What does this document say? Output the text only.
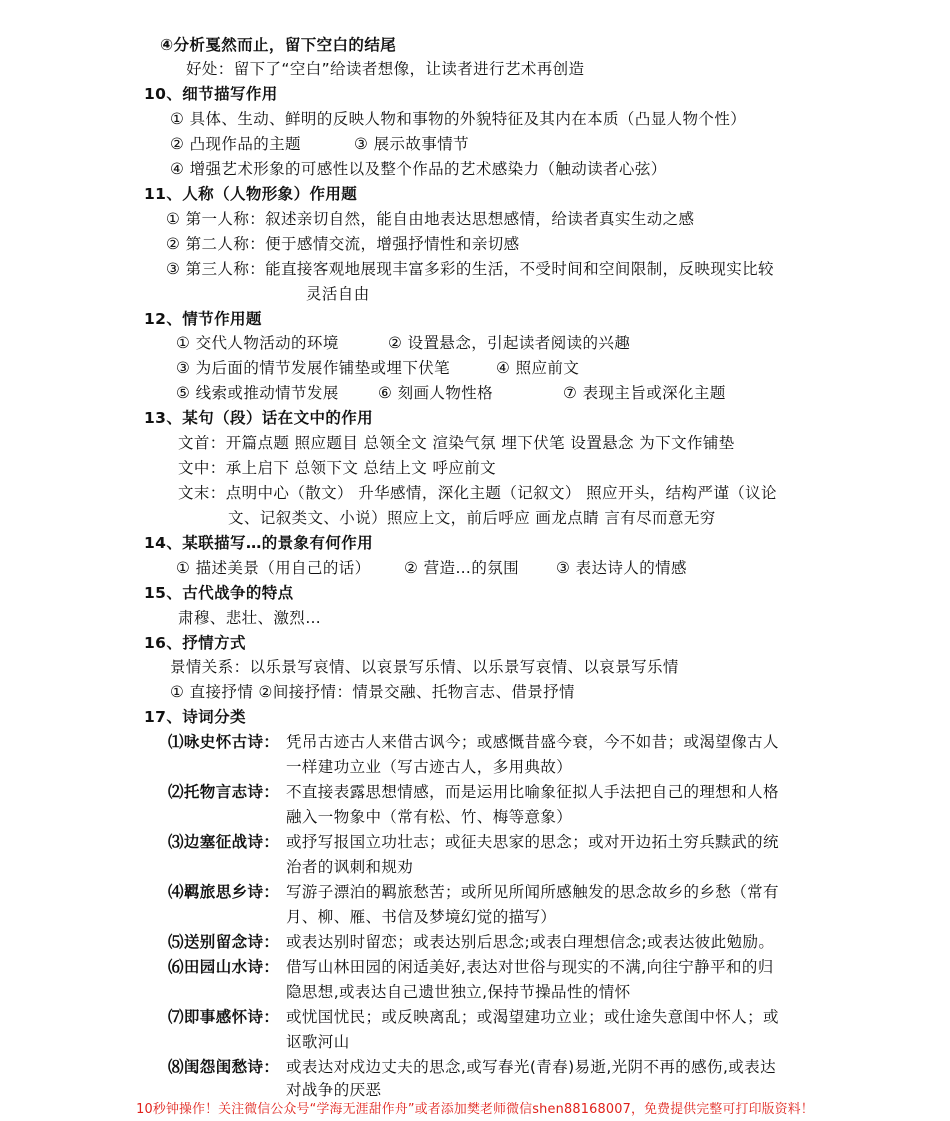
④分析戛然而止，留下空白的结尾
好处：留下了“空白”给读者想像，让读者进行艺术再创造
10、细节描写作用
① 具体、生动、鲜明的反映人物和事物的外貌特征及其内在本质（凸显人物个性）
② 凸现作品的主题	③ 展示故事情节
④ 增强艺术形象的可感性以及整个作品的艺术感染力（触动读者心弦）
11、人称（人物形象）作用题
① 第一人称：叙述亲切自然，能自由地表达思想感情，给读者真实生动之感
② 第二人称：便于感情交流，增强抒情性和亲切感
③ 第三人称：能直接客观地展现丰富多彩的生活，不受时间和空间限制，反映现实比较
灵活自由
12、情节作用题
① 交代人物活动的环境	② 设置悬念，引起读者阅读的兴趣
③ 为后面的情节发展作铺垫或埋下伏笔	④ 照应前文
⑤ 线索或推动情节发展	⑥ 刻画人物性格	⑦ 表现主旨或深化主题
13、某句（段）话在文中的作用
文首：开篇点题 照应题目 总领全文 渲染气氛 埋下伏笔 设置悬念 为下文作铺垫
文中：承上启下 总领下文 总结上文 呼应前文
文末：点明中心（散文） 升华感情，深化主题（记叙文） 照应开头，结构严谨（议论
文、记叙类文、小说）照应上文，前后呼应 画龙点睛 言有尽而意无穷
14、某联描写…的景象有何作用
① 描述美景（用自己的话） ② 营造…的氛围 ③ 表达诗人的情感
15、古代战争的特点
肃穆、悲壮、激烈…
16、抒情方式
景情关系：以乐景写哀情、以哀景写乐情、以乐景写哀情、以哀景写乐情
① 直接抒情 ②间接抒情：情景交融、托物言志、借景抒情
17、诗词分类
⑴咏史怀古诗： 凭吊古迹古人来借古讽今；或感慨昔盛今衰，今不如昔；或渴望像古人
一样建功立业（写古迹古人，多用典故）
⑵托物言志诗： 不直接表露思想情感，而是运用比喻象征拟人手法把自己的理想和人格
融入一物象中（常有松、竹、梅等意象）
⑶边塞征战诗： 或抒写报国立功壮志；或征夫思家的思念；或对开边拓土穷兵黩武的统
治者的讽刺和规劝
⑷羁旅思乡诗： 写游子漂泊的羁旅愁苦；或所见所闻所感触发的思念故乡的乡愁（常有
月、柳、雁、书信及梦境幻觉的描写）
⑸送别留念诗： 或表达别时留恋；或表达别后思念;或表白理想信念;或表达彼此勉励。
⑹田园山水诗： 借写山林田园的闲适美好,表达对世俗与现实的不满,向往宁静平和的归
隐思想,或表达自己遗世独立,保持节操品性的情怀
⑺即事感怀诗： 或忧国忧民；或反映离乱；或渴望建功立业；或仕途失意闺中怀人；或
讴歌河山
⑻闺怨闺愁诗： 或表达对戍边丈夫的思念,或写春光(青春)易逝,光阴不再的感伤,或表达
对战争的厌恶
10秒钟操作！关注微信公众号“学海无涯甜作舟”或者添加樊老师微信shen88168007，免费提供完整可打印版资料！
